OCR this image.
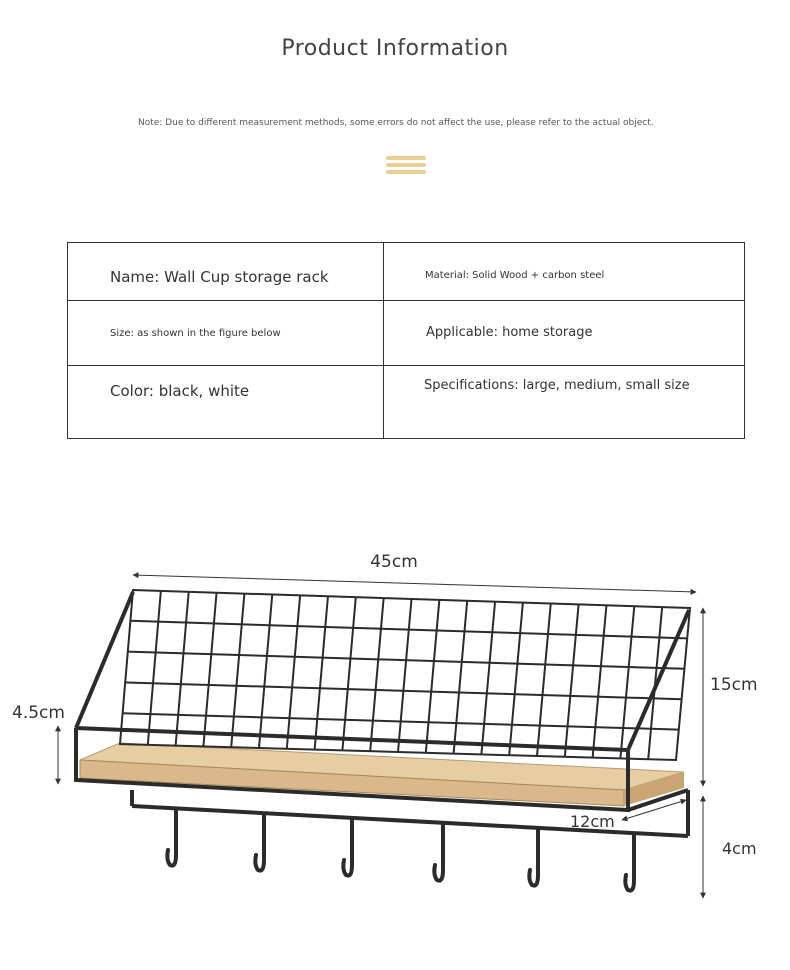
Product Information
Note: Due to different measurement methods, some errors do not affect the use, please refer to the actual object.
Name: Wall Cup storage rack	Material: Solid Wood + carbon steel

Size: as shown in the figure below	Applicable: home storage

Color: black, white	Specifications: large, medium, small size
45cm
15cm
4.5cm
12cm
4cm
